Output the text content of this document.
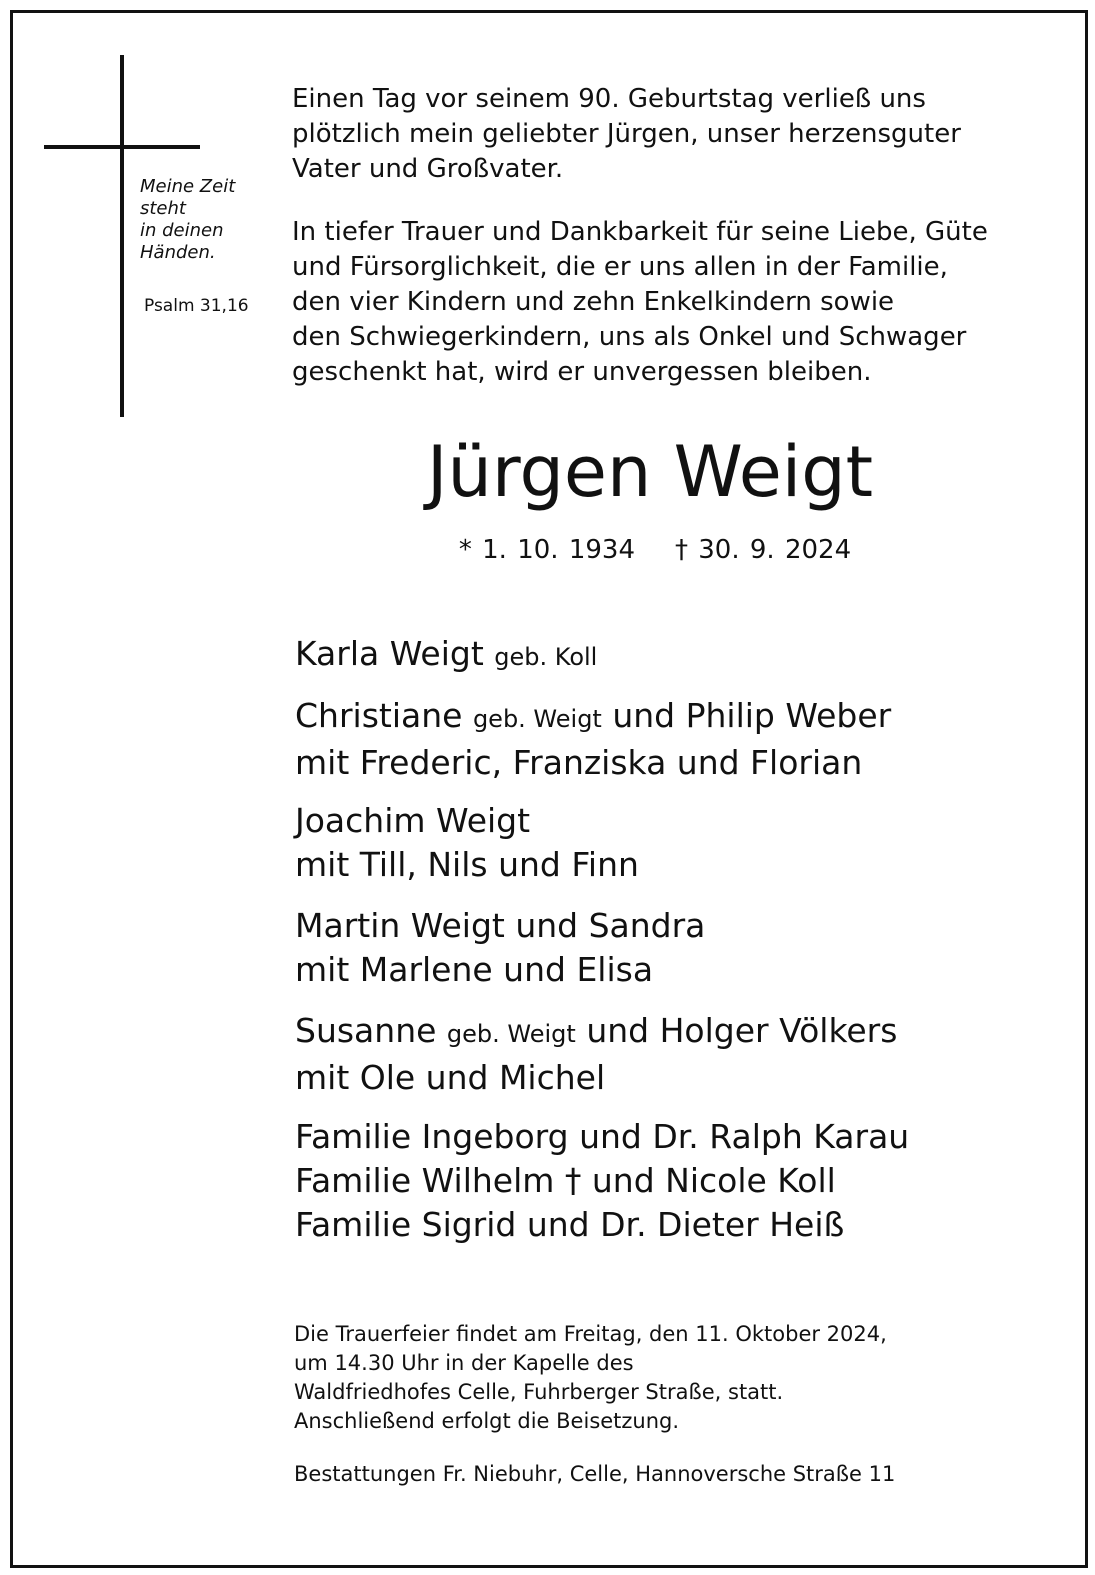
Meine Zeit
steht
in deinen
Händen.
Psalm 31,16
Einen Tag vor seinem 90. Geburtstag verließ uns
plötzlich mein geliebter Jürgen, unser herzensguter
Vater und Großvater.
In tiefer Trauer und Dankbarkeit für seine Liebe, Güte
und Fürsorglichkeit, die er uns allen in der Familie,
den vier Kindern und zehn Enkelkindern sowie
den Schwiegerkindern, uns als Onkel und Schwager
geschenkt hat, wird er unvergessen bleiben.
Jürgen Weigt
* 1. 10. 1934 † 30. 9. 2024
Karla Weigt geb. Koll
Christiane geb. Weigt und Philip Weber
mit Frederic, Franziska und Florian
Joachim Weigt
mit Till, Nils und Finn
Martin Weigt und Sandra
mit Marlene und Elisa
Susanne geb. Weigt und Holger Völkers
mit Ole und Michel
Familie Ingeborg und Dr. Ralph Karau
Familie Wilhelm † und Nicole Koll
Familie Sigrid und Dr. Dieter Heiß
Die Trauerfeier findet am Freitag, den 11. Oktober 2024,
um 14.30 Uhr in der Kapelle des
Waldfriedhofes Celle, Fuhrberger Straße, statt.
Anschließend erfolgt die Beisetzung.
Bestattungen Fr. Niebuhr, Celle, Hannoversche Straße 11
